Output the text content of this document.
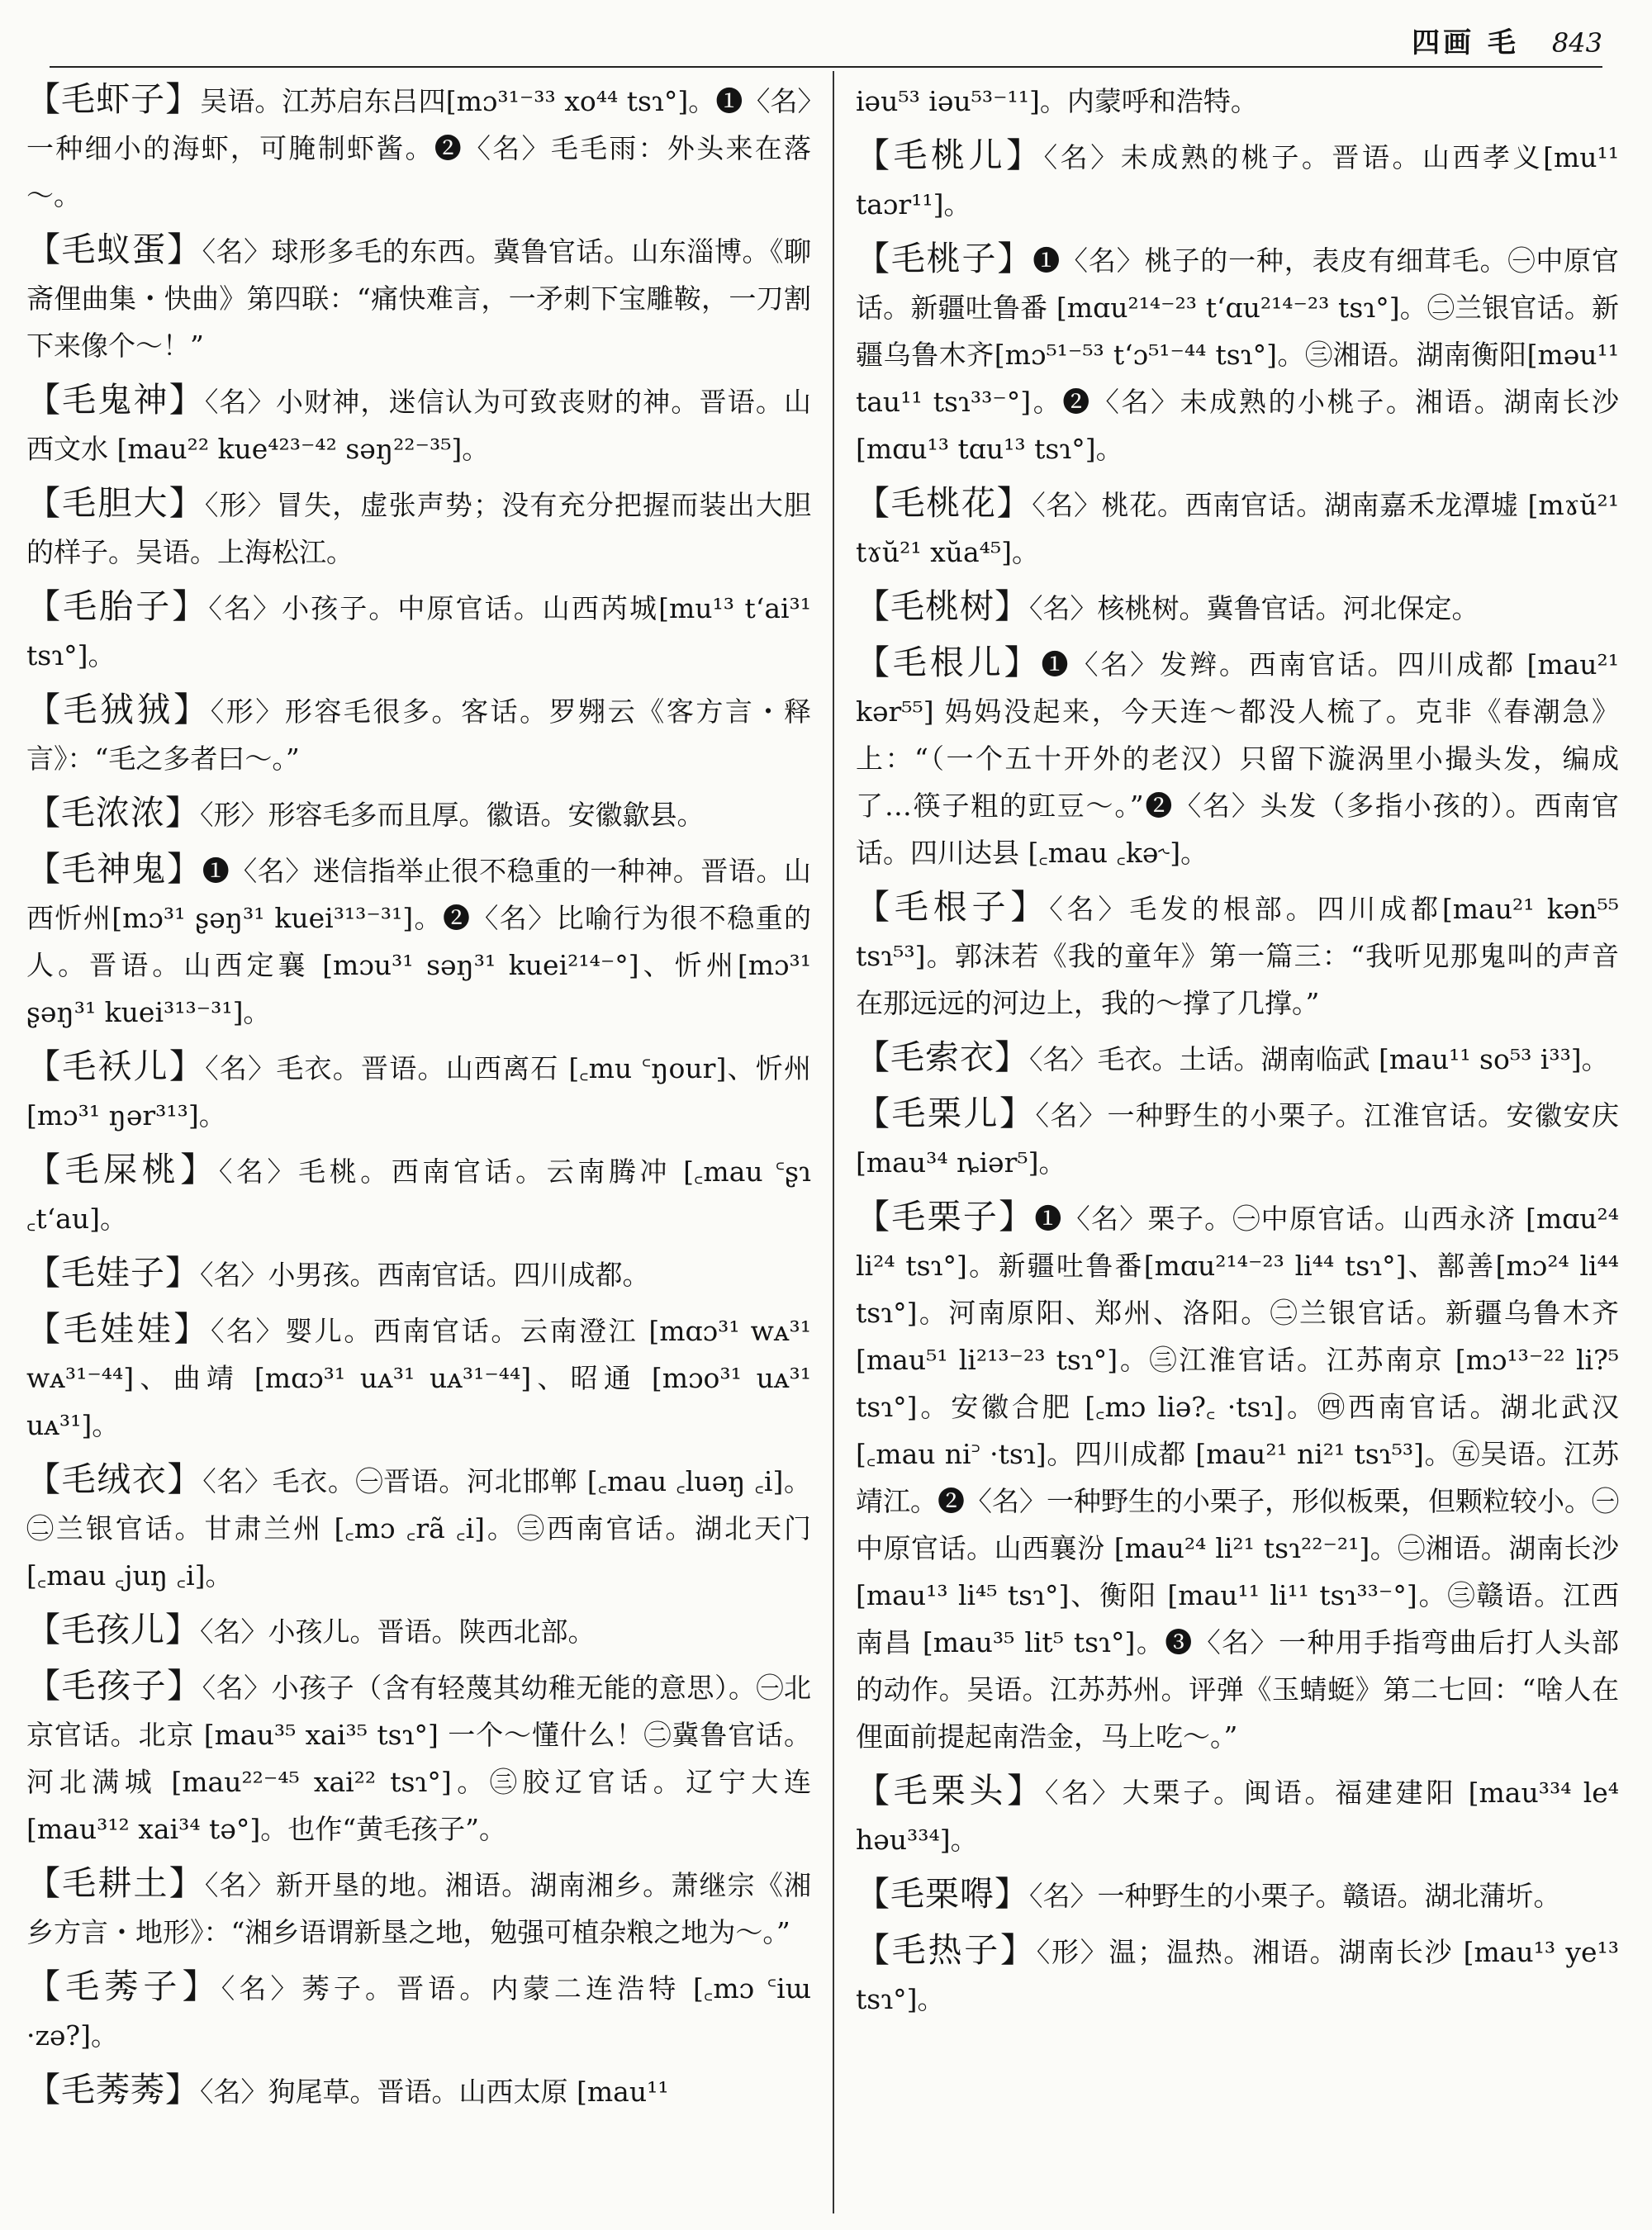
四画 毛 843

【毛虾子】吴语。江苏启东吕四[mɔ³¹⁻³³ xo⁴⁴ tsɿ°]。❶〈名〉一种细小的海虾，可腌制虾酱。❷〈名〉毛毛雨：外头来在落～。

【毛蚁蛋】〈名〉球形多毛的东西。冀鲁官话。山东淄博。《聊斋俚曲集・快曲》第四联：“痛快难言，一矛刺下宝雕鞍，一刀割下来像个～！”

【毛鬼神】〈名〉小财神，迷信认为可致丧财的神。晋语。山西文水 [mau²² kue⁴²³⁻⁴² səŋ²²⁻³⁵]。

【毛胆大】〈形〉冒失，虚张声势；没有充分把握而装出大胆的样子。吴语。上海松江。

【毛胎子】〈名〉小孩子。中原官话。山西芮城[mu¹³ t‘ai³¹ tsɿ°]。

【毛狨狨】〈形〉形容毛很多。客话。罗翙云《客方言・释言》：“毛之多者曰～。”

【毛浓浓】〈形〉形容毛多而且厚。徽语。安徽歙县。

【毛神鬼】❶〈名〉迷信指举止很不稳重的一种神。晋语。山西忻州[mɔ³¹ ʂəŋ³¹ kuei³¹³⁻³¹]。❷〈名〉比喻行为很不稳重的人。晋语。山西定襄 [mɔu³¹ səŋ³¹ kuei²¹⁴⁻°]、忻州[mɔ³¹ ʂəŋ³¹ kuei³¹³⁻³¹]。

【毛袄儿】〈名〉毛衣。晋语。山西离石 [꜀mu ꜂ŋour]、忻州 [mɔ³¹ ŋər³¹³]。

【毛屎桃】〈名〉毛桃。西南官话。云南腾冲 [꜀mau ꜂ʂɿ ꜀t‘au]。

【毛娃子】〈名〉小男孩。西南官话。四川成都。

【毛娃娃】〈名〉婴儿。西南官话。云南澄江 [mɑɔ³¹ wᴀ³¹ wᴀ³¹⁻⁴⁴]、曲靖 [mɑɔ³¹ uᴀ³¹ uᴀ³¹⁻⁴⁴]、昭通 [mɔo³¹ uᴀ³¹ uᴀ³¹]。

【毛绒衣】〈名〉毛衣。㊀晋语。河北邯郸 [꜀mau ꜀luəŋ ꜀i]。㊁兰银官话。甘肃兰州 [꜀mɔ ꜀rã ꜀i]。㊂西南官话。湖北天门 [꜀mau ꜀juŋ ꜀i]。

【毛孩儿】〈名〉小孩儿。晋语。陕西北部。

【毛孩子】〈名〉小孩子（含有轻蔑其幼稚无能的意思）。㊀北京官话。北京 [mau³⁵ xai³⁵ tsɿ°] 一个～懂什么！㊁冀鲁官话。河北满城 [mau²²⁻⁴⁵ xai²² tsɿ°]。㊂胶辽官话。辽宁大连 [mau³¹² xai³⁴ tə°]。也作“黄毛孩子”。

【毛耕土】〈名〉新开垦的地。湘语。湖南湘乡。萧继宗《湘乡方言・地形》：“湘乡语谓新垦之地，勉强可植杂粮之地为～。”

【毛莠子】〈名〉莠子。晋语。内蒙二连浩特 [꜀mɔ ꜂iɯ ·zə?]。

【毛莠莠】〈名〉狗尾草。晋语。山西太原 [mau¹¹

iəu⁵³ iəu⁵³⁻¹¹]。内蒙呼和浩特。

【毛桃儿】〈名〉未成熟的桃子。晋语。山西孝义[mu¹¹ taɔr¹¹]。

【毛桃子】❶〈名〉桃子的一种，表皮有细茸毛。㊀中原官话。新疆吐鲁番 [mɑu²¹⁴⁻²³ t‘ɑu²¹⁴⁻²³ tsɿ°]。㊁兰银官话。新疆乌鲁木齐[mɔ⁵¹⁻⁵³ t‘ɔ⁵¹⁻⁴⁴ tsɿ°]。㊂湘语。湖南衡阳[məu¹¹ tau¹¹ tsɿ³³⁻°]。❷〈名〉未成熟的小桃子。湘语。湖南长沙 [mɑu¹³ tɑu¹³ tsɿ°]。

【毛桃花】〈名〉桃花。西南官话。湖南嘉禾龙潭墟 [mɤŭ²¹ tɤŭ²¹ xŭa⁴⁵]。

【毛桃树】〈名〉核桃树。冀鲁官话。河北保定。

【毛根儿】❶〈名〉发辫。西南官话。四川成都 [mau²¹ kər⁵⁵] 妈妈没起来，今天连～都没人梳了。克非《春潮急》上：“（一个五十开外的老汉）只留下漩涡里小撮头发，编成了…筷子粗的豇豆～。”❷〈名〉头发（多指小孩的）。西南官话。四川达县 [꜀mau ꜀kə˞]。

【毛根子】〈名〉毛发的根部。四川成都[mau²¹ kən⁵⁵ tsɿ⁵³]。郭沫若《我的童年》第一篇三：“我听见那鬼叫的声音在那远远的河边上，我的～撑了几撑。”

【毛索衣】〈名〉毛衣。土话。湖南临武 [mau¹¹ so⁵³ i³³]。

【毛栗儿】〈名〉一种野生的小栗子。江淮官话。安徽安庆 [mau³⁴ ȵiər⁵]。

【毛栗子】❶〈名〉栗子。㊀中原官话。山西永济 [mɑu²⁴ li²⁴ tsɿ°]。新疆吐鲁番[mɑu²¹⁴⁻²³ li⁴⁴ tsɿ°]、鄯善[mɔ²⁴ li⁴⁴ tsɿ°]。河南原阳、郑州、洛阳。㊁兰银官话。新疆乌鲁木齐 [mau⁵¹ li²¹³⁻²³ tsɿ°]。㊂江淮官话。江苏南京 [mɔ¹³⁻²² li?⁵ tsɿ°]。安徽合肥 [꜀mɔ liə?꜀ ·tsɿ]。㊃西南官话。湖北武汉 [꜀mau ni꜄ ·tsɿ]。四川成都 [mau²¹ ni²¹ tsɿ⁵³]。㊄吴语。江苏靖江。❷〈名〉一种野生的小栗子，形似板栗，但颗粒较小。㊀中原官话。山西襄汾 [mau²⁴ li²¹ tsɿ²²⁻²¹]。㊁湘语。湖南长沙 [mau¹³ li⁴⁵ tsɿ°]、衡阳 [mau¹¹ li¹¹ tsɿ³³⁻°]。㊂赣语。江西南昌 [mau³⁵ lit⁵ tsɿ°]。❸〈名〉一种用手指弯曲后打人头部的动作。吴语。江苏苏州。评弹《玉蜻蜓》第二七回：“啥人在俚面前提起南浩金，马上吃～。”

【毛栗头】〈名〉大栗子。闽语。福建建阳 [mau³³⁴ le⁴ həu³³⁴]。

【毛栗嘚】〈名〉一种野生的小栗子。赣语。湖北蒲圻。

【毛热子】〈形〉温；温热。湘语。湖南长沙 [mau¹³ ye¹³ tsɿ°]。
